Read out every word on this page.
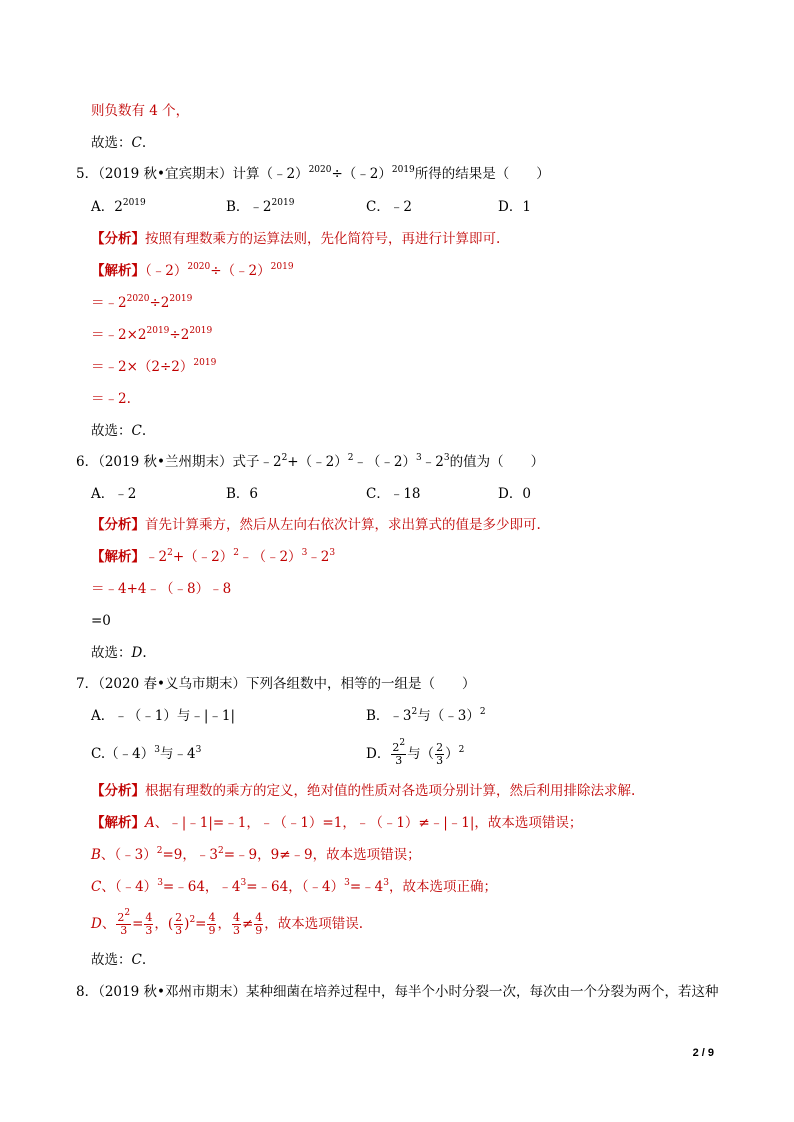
则负数有 4 个，
故选：C.
5．（2019 秋•宜宾期末）计算（﹣2）$^{2020}$÷（﹣2）$^{2019}$所得的结果是（　　）
A．$2^{2019}$	B．$﹣2^{2019}$	C．﹣2	D．1
【分析】按照有理数乘方的运算法则，先化简符号，再进行计算即可.
【解析】（﹣2）$^{2020}$÷（﹣2）$^{2019}$
$=﹣2^{2020}\div 2^{2019}$
$=﹣2\times 2^{2019}\div 2^{2019}$
$=﹣2\times(2\div 2)^{2019}$
＝﹣2.
故选：C.
6．（2019 秋•兰州期末）式子$﹣2^2+(﹣2)^2﹣(﹣2)^3﹣2^3$的值为（　　）
A．﹣2	B．6	C．﹣18	D．0
【分析】首先计算乘方，然后从左向右依次计算，求出算式的值是多少即可.
【解析】$﹣2^2+(﹣2)^2﹣(﹣2)^3﹣2^3$
＝﹣4+4﹣（﹣8）﹣8
=0
故选：D.
7．（2020 春•义乌市期末）下列各组数中，相等的一组是（　　）
A．﹣（﹣1）与﹣|﹣1|	B．$﹣3^2$与（﹣3）$^2$
C.（﹣4）$^3$与$﹣4^3$	D． $\frac{2^2}{3}$ 与（ $\frac{2}{3} )^2$
【分析】根据有理数的乘方的定义，绝对值的性质对各选项分别计算，然后利用排除法求解.
【解析】A、﹣|﹣1|=﹣1，﹣（﹣1）=1，﹣（﹣1）≠﹣|﹣1|，故本选项错误；
B、（﹣3）$^2$=9，$﹣3^2=﹣9$，9≠﹣9，故本选项错误；
C、（﹣4）$^3$=﹣64，$﹣4^3=﹣64$，$(﹣4)^3=﹣4^3$，故本选项正确；
D、 $\frac{2^2}{3} = \frac{4}{3}$ ，( $\frac{2}{3} )^2= \frac{4}{9}$ ， $\frac{4}{3} \ne \frac{4}{9}$ ，故本选项错误.
故选：C.
8．（2019 秋•邓州市期末）某种细菌在培养过程中，每半个小时分裂一次，每次由一个分裂为两个，若这种
2 / 9
